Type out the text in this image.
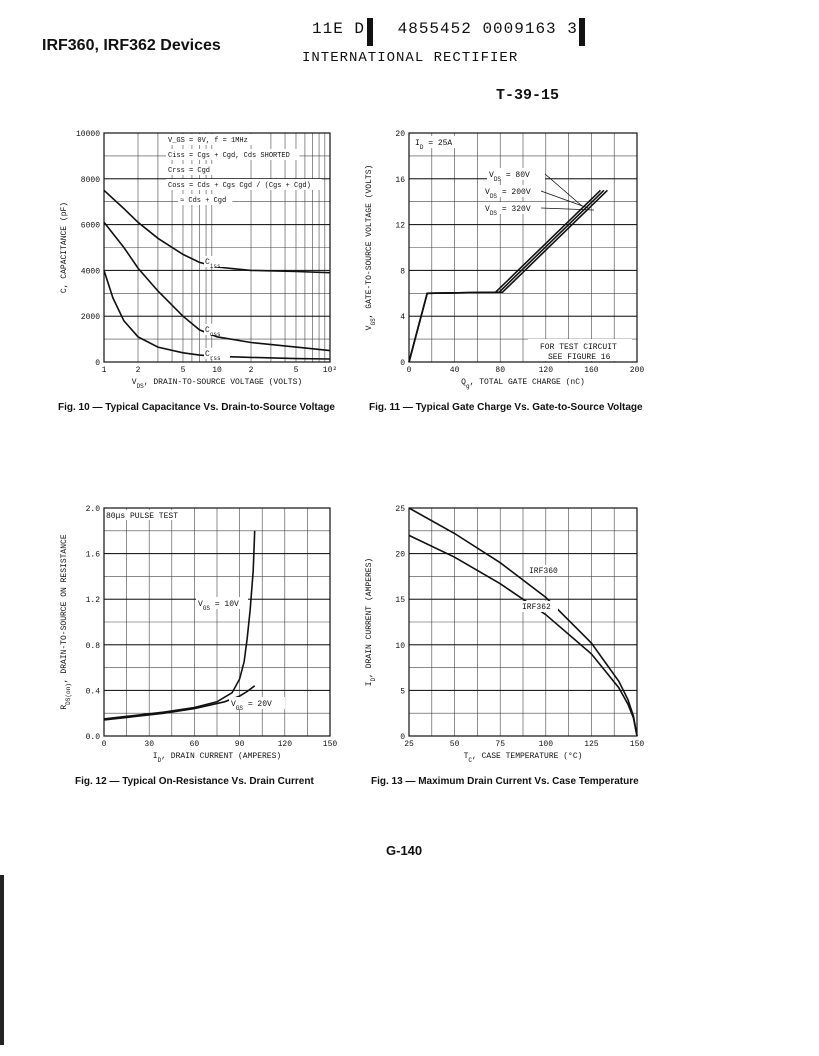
IRF360, IRF362 Devices
11E D 4855452 0009163 3
INTERNATIONAL RECTIFIER
T-39-15
0
2000
4000
6000
8000
10000
1	2	5	10	2	5	10²
$V_{DS}$, DRAIN-TO-SOURCE VOLTAGE (VOLTS)
C, CAPACITANCE (pF)
0
4
8
12
16
20
0	40	80	120	160	200
$Q_g$, TOTAL GATE CHARGE (nC)
$V_{GS}$, GATE-TO-SOURCE VOLTAGE (VOLTS)
0.0
0.4
0.8
1.2
1.6
2.0
0	30	60	90	120	150
$I_D$, DRAIN CURRENT (AMPERES)
$R_{DS(on)}$, DRAIN-TO-SOURCE ON RESISTANCE
0
5
10
15
20
25
25	50	75	100	125	150
$T_C$, CASE TEMPERATURE (°C)
$I_D$, DRAIN CURRENT (AMPERES)
V_GS = 0V, f = 1MHz
Ciss = Cgs + Cgd, Cds SHORTED
Crss = Cgd
Coss = Cds + Cgs Cgd / (Cgs + Cgd)
≈ Cds + Cgd
$C_{iss}$
$C_{oss}$
$C_{rss}$
$I_D = 25A$
FOR TEST CIRCUIT
SEE FIGURE 16
$V_{DS} = 80V$
$V_{DS} = 200V$
$V_{DS} = 320V$
80μs PULSE TEST
$V_{GS} = 10V$
$V_{GS} = 20V$
IRF360
IRF362
Fig. 10 — Typical Capacitance Vs. Drain-to-Source Voltage	Fig. 11 — Typical Gate Charge Vs. Gate-to-Source Voltage
Fig. 12 — Typical On-Resistance Vs. Drain Current	Fig. 13 — Maximum Drain Current Vs. Case Temperature
G-140
